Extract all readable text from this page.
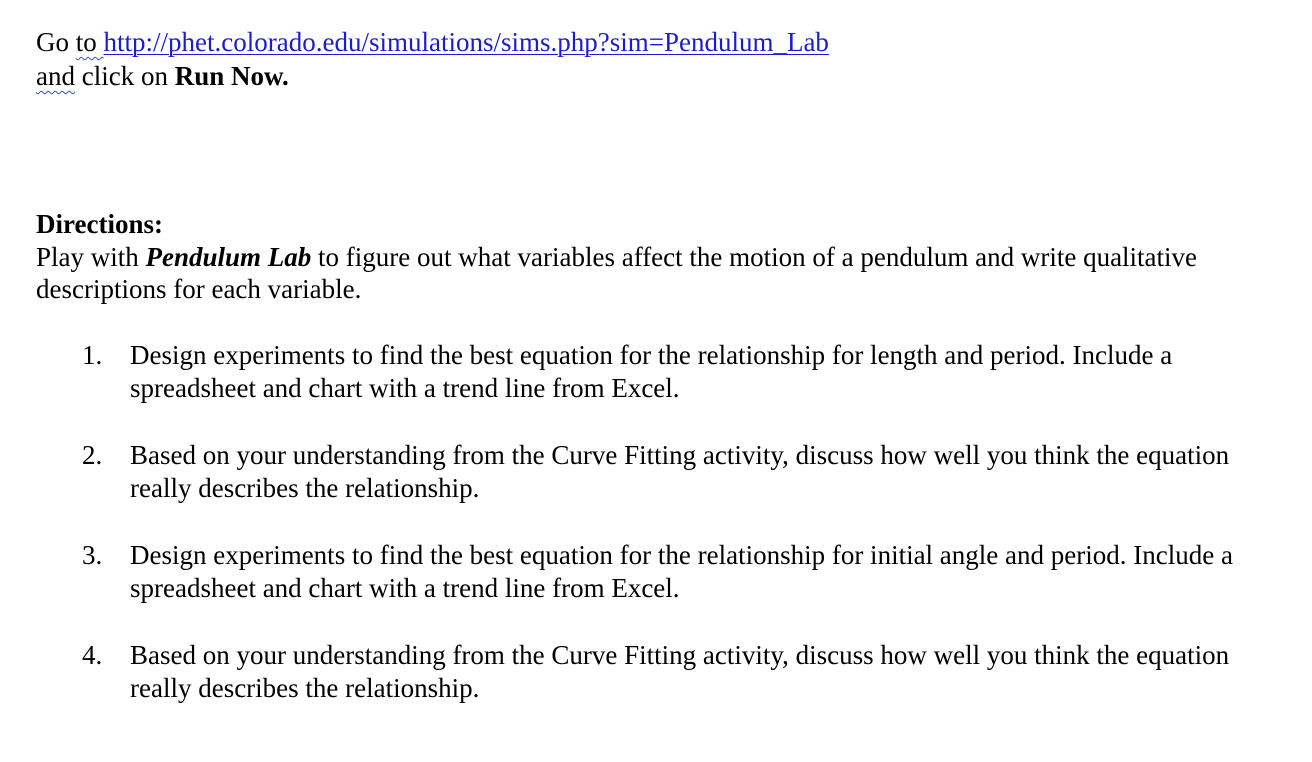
Go to http://phet.colorado.edu/simulations/sims.php?sim=Pendulum_Lab
and click on Run Now.
Directions:
Play with Pendulum Lab to figure out what variables affect the motion of a pendulum and write qualitative descriptions for each variable.
1. Design experiments to find the best equation for the relationship for length and period. Include a spreadsheet and chart with a trend line from Excel.
2. Based on your understanding from the Curve Fitting activity, discuss how well you think the equation really describes the relationship.
3. Design experiments to find the best equation for the relationship for initial angle and period. Include a spreadsheet and chart with a trend line from Excel.
4. Based on your understanding from the Curve Fitting activity, discuss how well you think the equation really describes the relationship.
